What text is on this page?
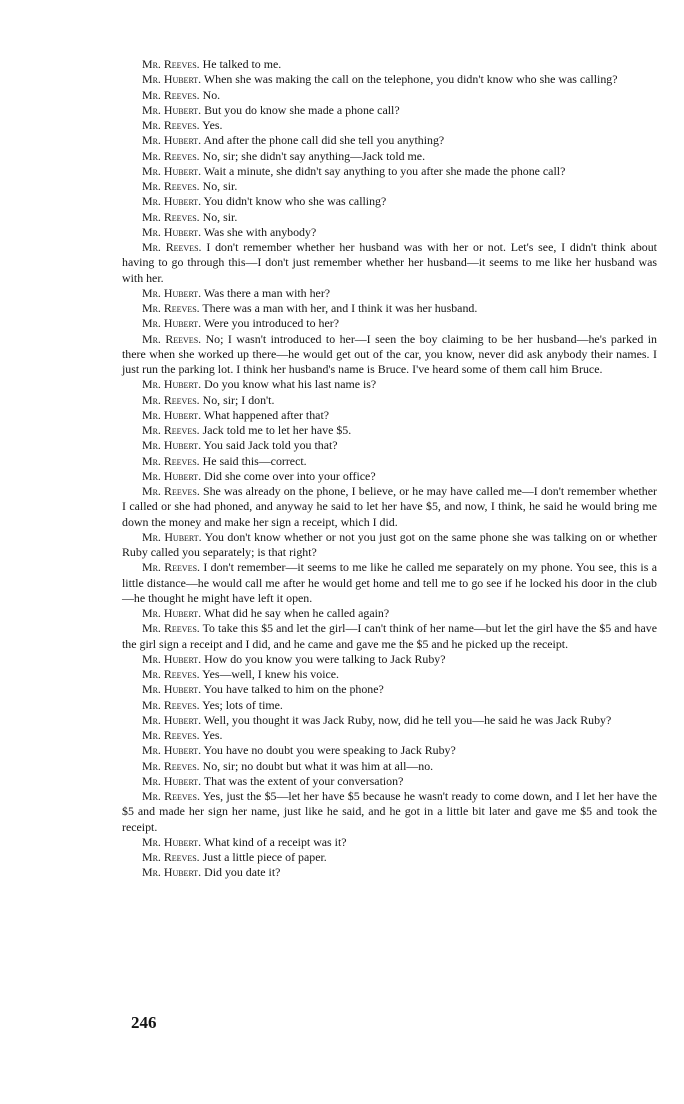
Mr. Reeves. He talked to me.

Mr. Hubert. When she was making the call on the telephone, you didn't know who she was calling?

Mr. Reeves. No.

Mr. Hubert. But you do know she made a phone call?

Mr. Reeves. Yes.

Mr. Hubert. And after the phone call did she tell you anything?

Mr. Reeves. No, sir; she didn't say anything—Jack told me.

Mr. Hubert. Wait a minute, she didn't say anything to you after she made the phone call?

Mr. Reeves. No, sir.

Mr. Hubert. You didn't know who she was calling?

Mr. Reeves. No, sir.

Mr. Hubert. Was she with anybody?

Mr. Reeves. I don't remember whether her husband was with her or not. Let's see, I didn't think about having to go through this—I don't just remember whether her husband—it seems to me like her husband was with her.

Mr. Hubert. Was there a man with her?

Mr. Reeves. There was a man with her, and I think it was her husband.

Mr. Hubert. Were you introduced to her?

Mr. Reeves. No; I wasn't introduced to her—I seen the boy claiming to be her husband—he's parked in there when she worked up there—he would get out of the car, you know, never did ask anybody their names. I just run the parking lot. I think her husband's name is Bruce. I've heard some of them call him Bruce.

Mr. Hubert. Do you know what his last name is?

Mr. Reeves. No, sir; I don't.

Mr. Hubert. What happened after that?

Mr. Reeves. Jack told me to let her have $5.

Mr. Hubert. You said Jack told you that?

Mr. Reeves. He said this—correct.

Mr. Hubert. Did she come over into your office?

Mr. Reeves. She was already on the phone, I believe, or he may have called me—I don't remember whether I called or she had phoned, and anyway he said to let her have $5, and now, I think, he said he would bring me down the money and make her sign a receipt, which I did.

Mr. Hubert. You don't know whether or not you just got on the same phone she was talking on or whether Ruby called you separately; is that right?

Mr. Reeves. I don't remember—it seems to me like he called me separately on my phone. You see, this is a little distance—he would call me after he would get home and tell me to go see if he locked his door in the club—he thought he might have left it open.

Mr. Hubert. What did he say when he called again?

Mr. Reeves. To take this $5 and let the girl—I can't think of her name—but let the girl have the $5 and have the girl sign a receipt and I did, and he came and gave me the $5 and he picked up the receipt.

Mr. Hubert. How do you know you were talking to Jack Ruby?

Mr. Reeves. Yes—well, I knew his voice.

Mr. Hubert. You have talked to him on the phone?

Mr. Reeves. Yes; lots of time.

Mr. Hubert. Well, you thought it was Jack Ruby, now, did he tell you—he said he was Jack Ruby?

Mr. Reeves. Yes.

Mr. Hubert. You have no doubt you were speaking to Jack Ruby?

Mr. Reeves. No, sir; no doubt but what it was him at all—no.

Mr. Hubert. That was the extent of your conversation?

Mr. Reeves. Yes, just the $5—let her have $5 because he wasn't ready to come down, and I let her have the $5 and made her sign her name, just like he said, and he got in a little bit later and gave me $5 and took the receipt.

Mr. Hubert. What kind of a receipt was it?

Mr. Reeves. Just a little piece of paper.

Mr. Hubert. Did you date it?

246
